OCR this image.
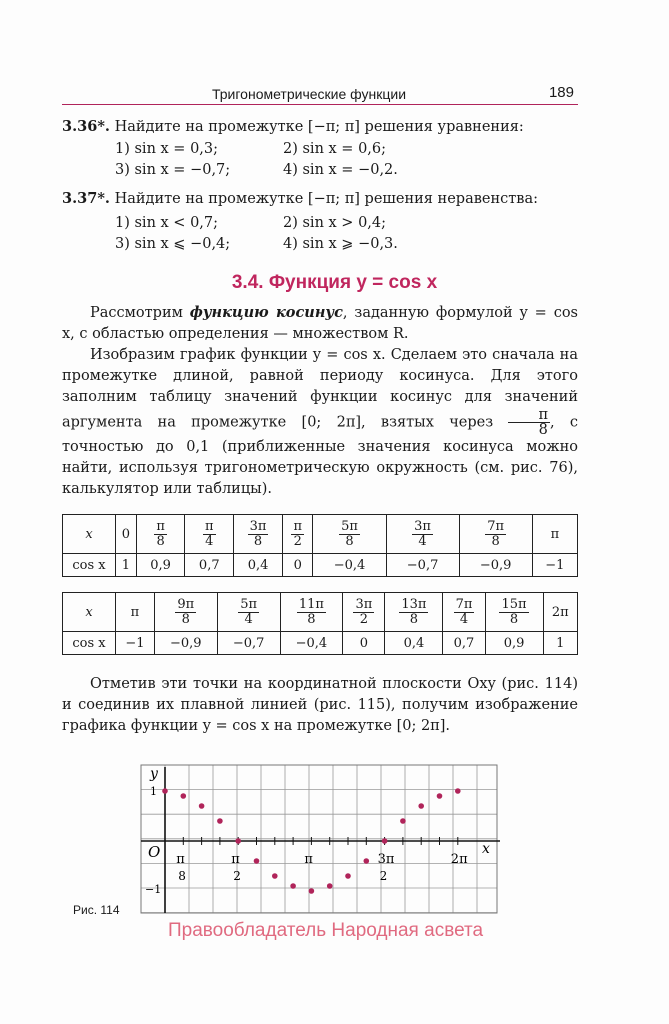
Тригонометрические функции	189
3.36*. Найдите на промежутке [−π; π] решения уравнения:
1) sin x = 0,3;	2) sin x = 0,6;
3) sin x = −0,7;	4) sin x = −0,2.
3.37*. Найдите на промежутке [−π; π] решения неравенства:
1) sin x < 0,7;	2) sin x > 0,4;
3) sin x ⩽ −0,4;	4) sin x ⩾ −0,3.
3.4. Функция y = cos x
Рассмотрим функцию косинус, заданную формулой y = cos x, с областью определения — множеством R.
Изобразим график функции y = cos x. Сделаем это сначала на промежутке длиной, равной периоду косинуса. Для этого заполним таблицу значений функции косинус для значений аргумента на промежутке [0; 2π], взятых через $\frac{\pi}{8}$ , с точностью до 0,1 (приближенные значения косинуса можно найти, используя тригонометрическую окружность (см. рис. 76), калькулятор или таблицы).
x	0	$\frac{\pi}{8}$	$\frac{\pi}{4}$	$\frac{3\pi}{8}$	$\frac{\pi}{2}$	$\frac{5\pi}{8}$	$\frac{3\pi}{4}$	$\frac{7\pi}{8}$	π
cos x	1	0,9	0,7	0,4	0	−0,4	−0,7	−0,9	−1
x	π	$\frac{9\pi}{8}$	$\frac{5\pi}{4}$	$\frac{11\pi}{8}$	$\frac{3\pi}{2}$	$\frac{13\pi}{8}$	$\frac{7\pi}{4}$	$\frac{15\pi}{8}$	2π
cos x	−1	−0,9	−0,7	−0,4	0	0,4	0,7	0,9	1
Отметив эти точки на координатной плоскости Oxy (рис. 114) и соединив их плавной линией (рис. 115), получим изображение графика функции y = cos x на промежутке [0; 2π].
y
x
O
1
−1
π
8
π
2
π	3π
2
2π
Рис. 114
Правообладатель Народная асвета
